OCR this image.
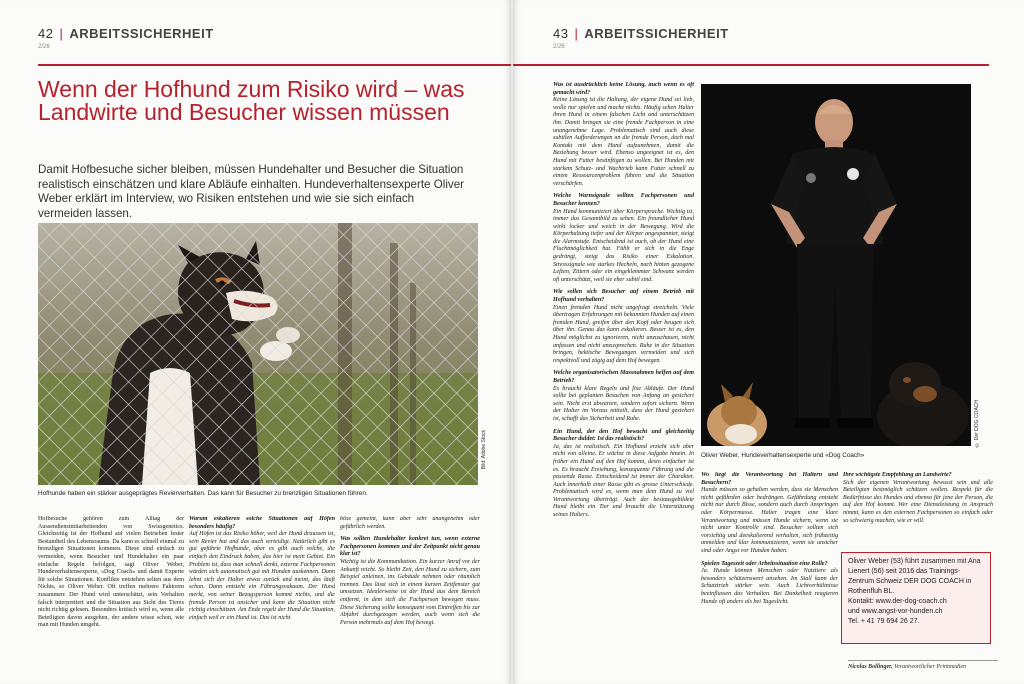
42 | ARBEITSSICHERHEIT
2/26
Wenn der Hofhund zum Risiko wird – was Landwirte und Besucher wissen müssen

Damit Hofbesuche sicher bleiben, müssen Hundehalter und Besucher die Situation realistisch einschätzen und klare Abläufe einhalten. Hundeverhaltensexperte Oliver Weber erklärt im Interview, wo Risiken entstehen und wie sie sich einfach vermeiden lassen.

Bild: Adobe Stock
Hofhunde haben ein stärker ausgeprägtes Revierverhalten. Das kann für Besucher zu brenzligen Situationen führen.

Hofbesuche gehören zum Alltag der Aussendienstmitarbeitenden von Swissgenetics. Gleichzeitig ist der Hofhund auf vielen Betrieben fester Bestandteil des Lebensraums. Da kann es schnell einmal zu brenzligen Situationen kommen. Diese sind einfach zu vermeiden, wenn Besucher und Hundehalter ein paar einfache Regeln befolgen, sagt Oliver Weber, Hundeverhaltensexperte, «Dog Coach» und damit Experte für solche Situationen. Konflikte entstehen selten aus dem Nichts, so Oliver Weber. Oft treffen mehrere Faktoren zusammen: Der Hund wird unterschätzt, sein Verhalten falsch interpretiert und die Situation aus Sicht des Tieres nicht richtig gelesen. Besonders kritisch wird es, wenn alle Beteiligten davon ausgehen, der andere wisse schon, wie man mit Hunden umgeht.

Warum eskalieren solche Situationen auf Höfen besonders häufig?
Auf Höfen ist das Risiko höher, weil der Hund draussen ist, sein Revier hat und das auch verteidigt. Natürlich gibt es gut geführte Hofhunde, aber es gibt auch solche, die einfach den Eindruck haben, das hier ist mein Gebiet. Ein Problem ist, dass man schnell denkt, externe Fachpersonen würden sich automatisch gut mit Hunden auskennen. Dann lehnt sich der Halter etwas zurück und meint, das läuft schon. Dann entsteht ein Führungsvakuum. Der Hund merkt, von seiner Bezugsperson kommt nichts, und die fremde Person ist unsicher und kann die Situation nicht richtig einschätzen. Am Ende regelt der Hund die Situation, einfach weil er ein Hund ist. Das ist nicht

böse gemeint, kann aber sehr unangenehm oder gefährlich werden.

Was sollten Hundehalter konkret tun, wenn externe Fachpersonen kommen und der Zeitpunkt nicht genau klar ist?
Wichtig ist die Kommunikation. Ein kurzer Anruf vor der Ankunft reicht. So bleibt Zeit, den Hund zu sichern, zum Beispiel anleinen, ins Gebäude nehmen oder räumlich trennen. Das lässt sich in einem kurzen Zeitfenster gut umsetzen. Idealerweise ist der Hund aus dem Bereich entfernt, in dem sich die Fachperson bewegen muss. Diese Sicherung sollte konsequent vom Eintreffen bis zur Abfahrt durchgezogen werden, auch wenn sich die Person mehrmals auf dem Hof bewegt.
43 | ARBEITSSICHERHEIT
2/26

Was ist ausdrücklich keine Lösung, auch wenn es oft gemacht wird?
Keine Lösung ist die Haltung, der eigene Hund sei lieb, wolle nur spielen und mache nichts. Häufig sehen Halter ihren Hund in einem falschen Licht und unterschätzen ihn. Damit bringen sie eine fremde Fachperson in eine unangenehme Lage. Problematisch sind auch diese subtilen Aufforderungen an die fremde Person, doch mal Kontakt mit dem Hund aufzunehmen, damit die Beziehung besser wird. Ebenso ungeeignet ist es, den Hund mit Futter besänftigen zu wollen. Bei Hunden mit starkem Schutz- und Wachtrieb kann Futter schnell zu einem Ressourcenproblem führen und die Situation verschärfen.

Welche Warnsignale sollten Fachpersonen und Besucher kennen?
Ein Hund kommuniziert über Körpersprache. Wichtig ist, immer das Gesamtbild zu sehen. Ein freundlicher Hund wirkt locker und weich in der Bewegung. Wird die Körperhaltung tiefer und der Körper angespannter, steigt die Alarmstufe. Entscheidend ist auch, ob der Hund eine Fluchtmöglichkeit hat. Fühlt er sich in die Enge gedrängt, steigt das Risiko einer Eskalation. Stresssignale wie starkes Hecheln, nach hinten gezogene Lefzen, Zittern oder ein eingeklemmter Schwanz werden oft unterschätzt, weil sie eher subtil sind.

Wie sollen sich Besucher auf einem Betrieb mit Hofhund verhalten?
Einen fremden Hund nicht ungefragt streicheln. Viele übertragen Erfahrungen mit bekannten Hunden auf einen fremden Hund, greifen über den Kopf oder beugen sich über ihn. Genau das kann eskalieren. Besser ist es, den Hund möglichst zu ignorieren, nicht anzuschauen, nicht anfassen und nicht anzusprechen. Ruhe in der Situation bringen, hektische Bewegungen vermeiden und sich respektvoll und zügig auf dem Hof bewegen.

Welche organisatorischen Massnahmen helfen auf dem Betrieb?
Es braucht klare Regeln und fixe Abläufe. Der Hund sollte bei geplanten Besuchen von Anfang an gesichert sein. Nicht erst abwarten, sondern sofort sichern. Wenn der Halter im Voraus mitteilt, dass der Hund gesichert ist, schafft das Sicherheit und Ruhe.

Ein Hund, der den Hof bewacht und gleichzeitig Besucher duldet: Ist das realistisch?
Ja, das ist realistisch. Ein Hofhund erzieht sich aber nicht von alleine. Er wächst in diese Aufgabe hinein. In früher ein Hund auf den Hof kommt, desto einfacher ist es. Es braucht Erziehung, konsequente Führung und die passende Rasse. Entscheidend ist immer der Charakter. Auch innerhalb einer Rasse gibt es grosse Unterschiede. Problematisch wird es, wenn man dem Hund zu viel Verantwortung überträgt. Auch der bestausgebildete Hund bleibt ein Tier und braucht die Unterstützung seines Halters.

© Der DOG COACH
Oliver Weber, Hundeverhaltensexperte und «Dog Coach»

Wo liegt die Verantwortung bei Haltern und Besuchern?
Hunde müssen so gehalten werden, dass sie Menschen nicht gefährden oder bedrängen. Gefährdung entsteht nicht nur durch Bisse, sondern auch durch Anspringen oder Körpermasse. Halter tragen eine klare Verantwortung und müssen Hunde sichern, wenn sie nicht unter Kontrolle sind. Besucher sollten sich vorsichtig und deeskalierend verhalten, sich frühzeitig anmelden und klar kommunizieren, wenn sie unsicher sind oder Angst vor Hunden haben.

Spielen Tageszeit oder Arbeitssituation eine Rolle?
Ja. Hunde können Menschen oder Nutztiere als besonders schützenswert ansehen. Im Stall kann der Schutztrieb stärker sein. Auch Lichtverhältnisse beeinflussen das Verhalten. Bei Dunkelheit reagieren Hunde oft anders als bei Tageslicht.

Ihre wichtigste Empfehlung an Landwirte?
Sich der eigenen Verantwortung bewusst sein und alle Beteiligten bestmöglich schützen wollen. Respekt für die Bedürfnisse des Hundes und ebenso für jene der Person, die auf den Hof kommt. Wer eine Dienstleistung in Anspruch nimmt, kann es den externen Fachpersonen so einfach oder so schwierig machen, wie er will.
Oliver Weber (53) führt zusammen mit Ana Lienert (56) seit 2016 das Trainings-Zentrum Schweiz DER DOG COACH in Rothenfluh BL.
Kontakt: www.der-dog-coach.ch
und www.angst-vor-hunden.ch
Tel. + 41 79 694 26 27.
Nicolas Bollinger, Verantwortlicher Printmedien
